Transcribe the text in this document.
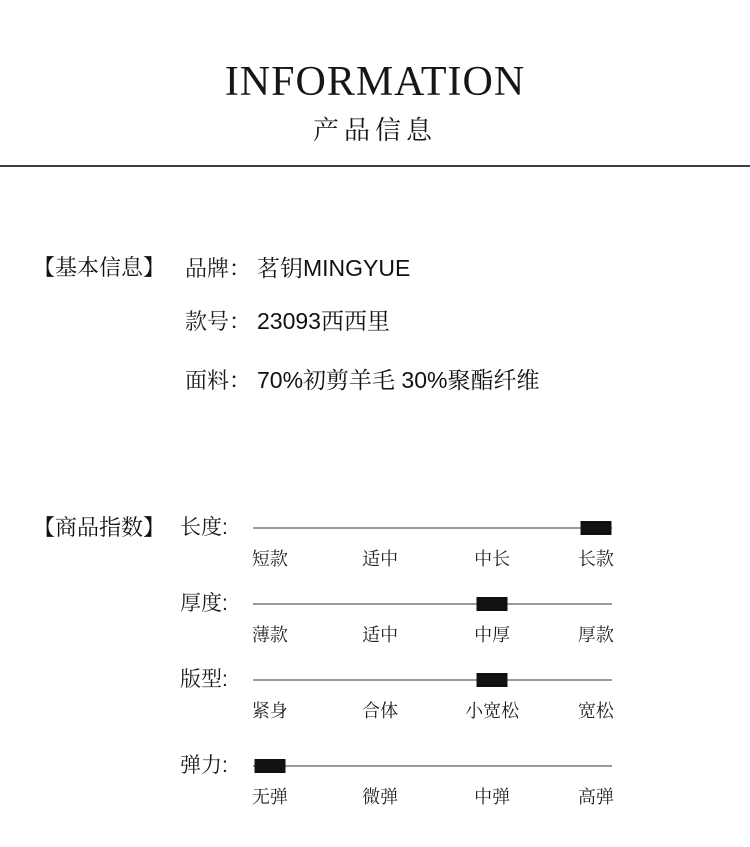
INFORMATION
产品信息
【基本信息】 品牌： 茗钥MINGYUE
款号： 23093西西里
面料： 70%初剪羊毛 30%聚酯纤维
【商品指数】 长度:
短款	适中	中长	长款
厚度:
薄款	适中	中厚	厚款
版型:
紧身	合体	小宽松	宽松
弹力:
无弹	微弹	中弹	高弹
